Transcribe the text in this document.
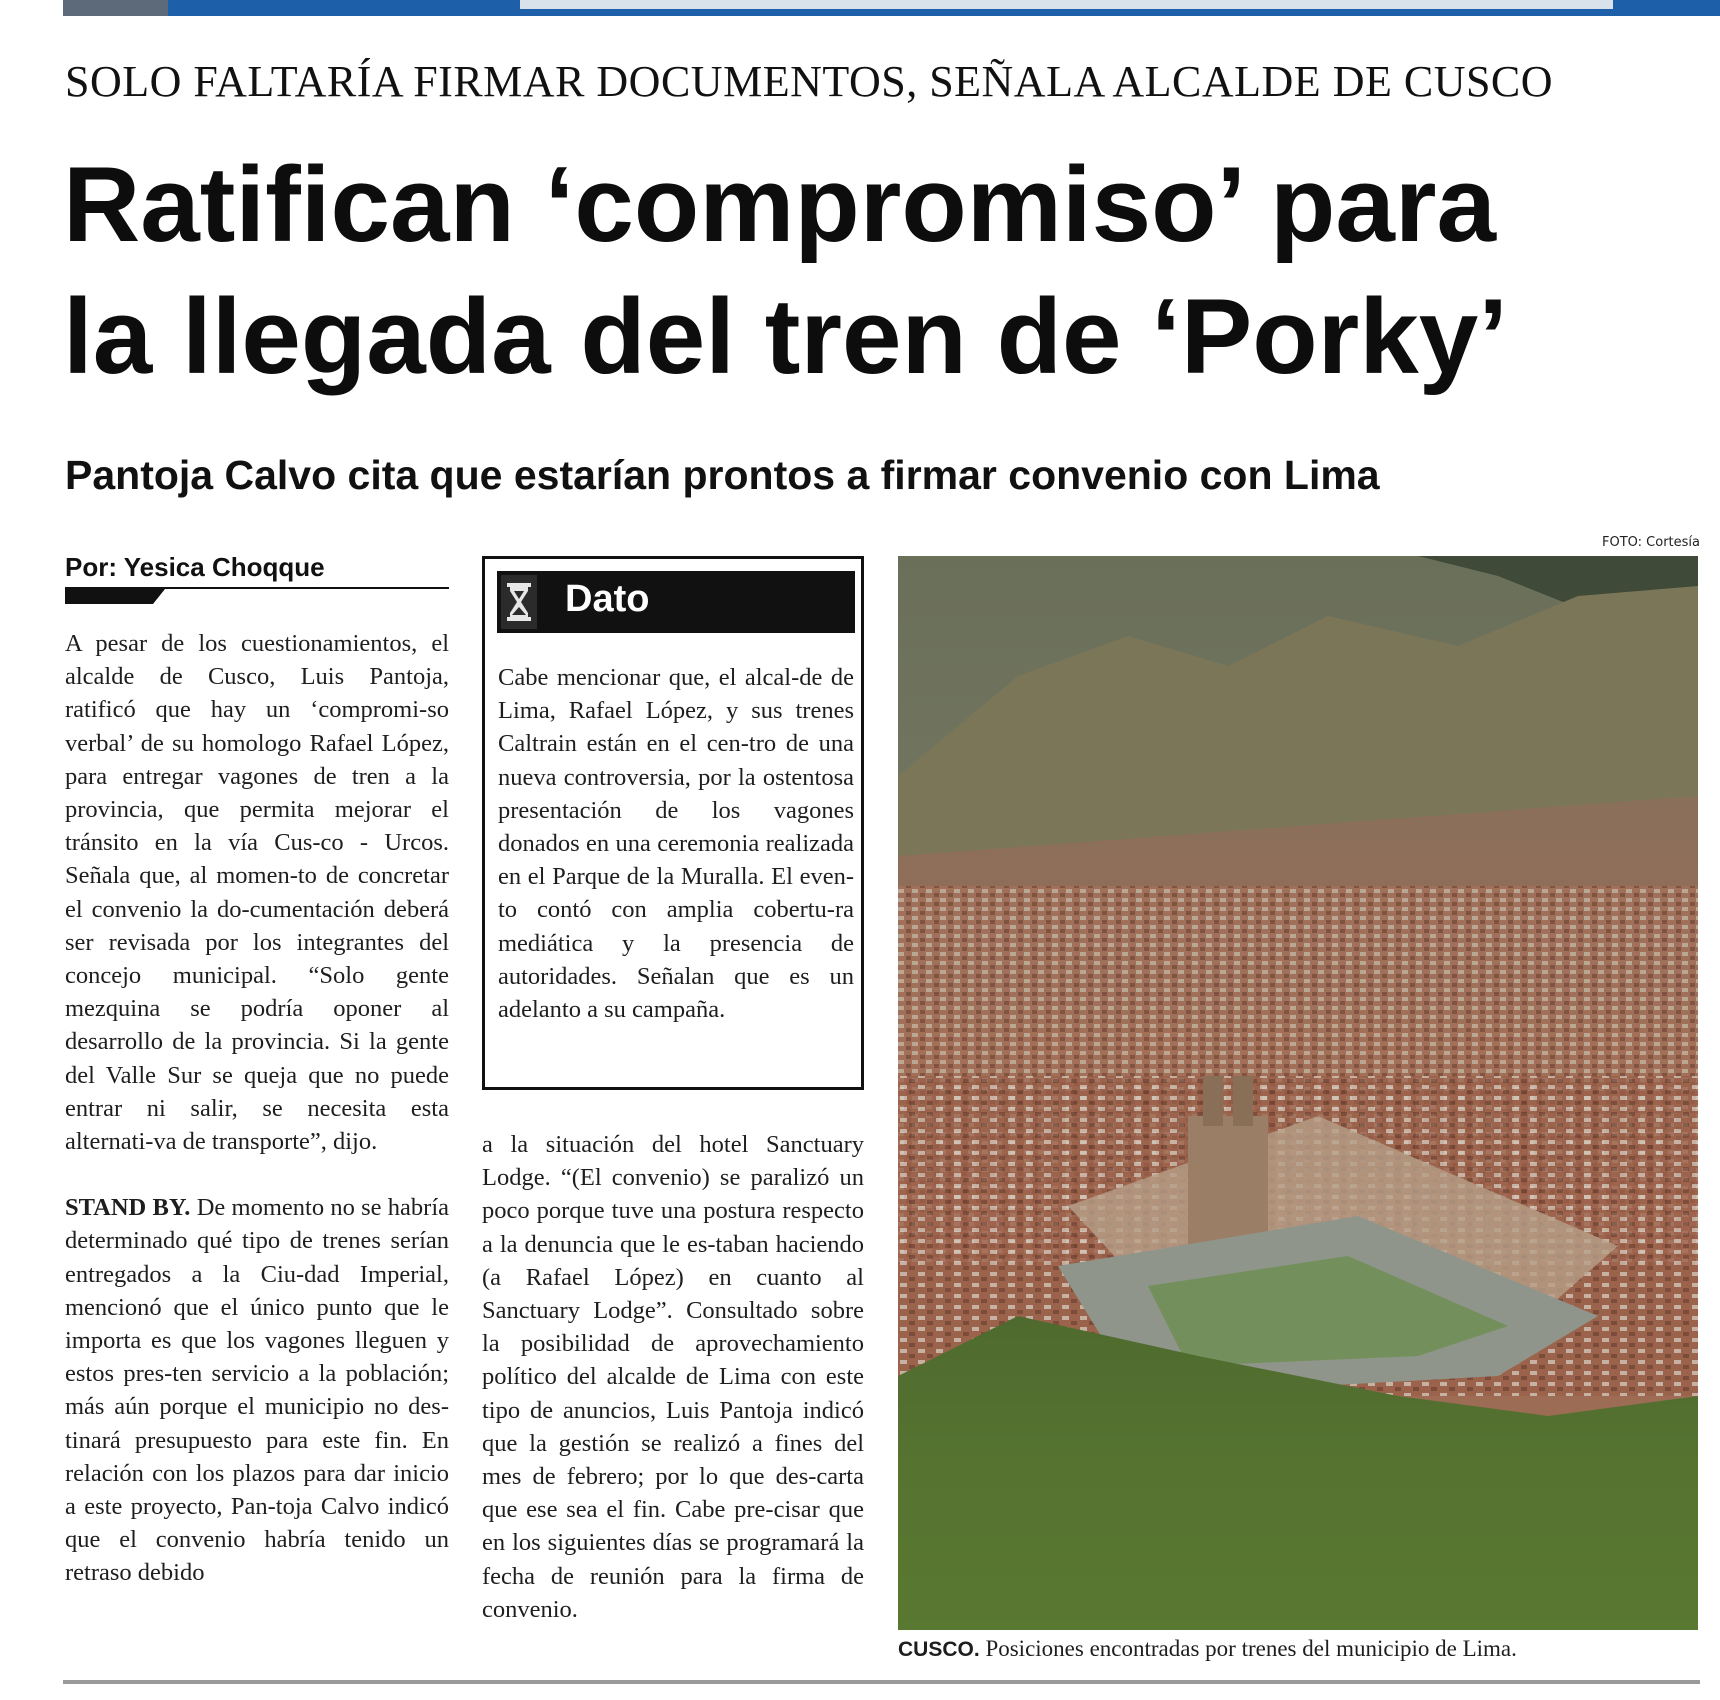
SOLO FALTARÍA FIRMAR DOCUMENTOS, SEÑALA ALCALDE DE CUSCO
Ratifican ‘compromiso’ para
la llegada del tren de ‘Porky’
Pantoja Calvo cita que estarían prontos a firmar convenio con Lima
FOTO: Cortesía
Por: Yesica Choqque

A pesar de los cuestionamientos, el alcalde de Cusco, Luis Pantoja, ratificó que hay un ‘compromi-so verbal’ de su homologo Rafael López, para entregar vagones de tren a la provincia, que permita mejorar el tránsito en la vía Cus-co - Urcos. Señala que, al momen-to de concretar el convenio la do-cumentación deberá ser revisada por los integrantes del concejo municipal. “Solo gente mezquina se podría oponer al desarrollo de la provincia. Si la gente del Valle Sur se queja que no puede entrar ni salir, se necesita esta alternati-va de transporte”, dijo.

STAND BY. De momento no se habría determinado qué tipo de trenes serían entregados a la Ciu-dad Imperial, mencionó que el único punto que le importa es que los vagones lleguen y estos pres-ten servicio a la población; más aún porque el municipio no des-tinará presupuesto para este fin. En relación con los plazos para dar inicio a este proyecto, Pan-toja Calvo indicó que el convenio habría tenido un retraso debido

Dato
Cabe mencionar que, el alcal-de de Lima, Rafael López, y sus trenes Caltrain están en el cen-tro de una nueva controversia, por la ostentosa presentación de los vagones donados en una ceremonia realizada en el Parque de la Muralla. El even-to contó con amplia cobertu-ra mediática y la presencia de autoridades. Señalan que es un adelanto a su campaña.

a la situación del hotel Sanctuary Lodge. “(El convenio) se paralizó un poco porque tuve una postura respecto a la denuncia que le es-taban haciendo (a Rafael López) en cuanto al Sanctuary Lodge”. Consultado sobre la posibilidad de aprovechamiento político del alcalde de Lima con este tipo de anuncios, Luis Pantoja indicó que la gestión se realizó a fines del mes de febrero; por lo que des-carta que ese sea el fin. Cabe pre-cisar que en los siguientes días se programará la fecha de reunión para la firma de convenio.

CUSCO. Posiciones encontradas por trenes del municipio de Lima.
